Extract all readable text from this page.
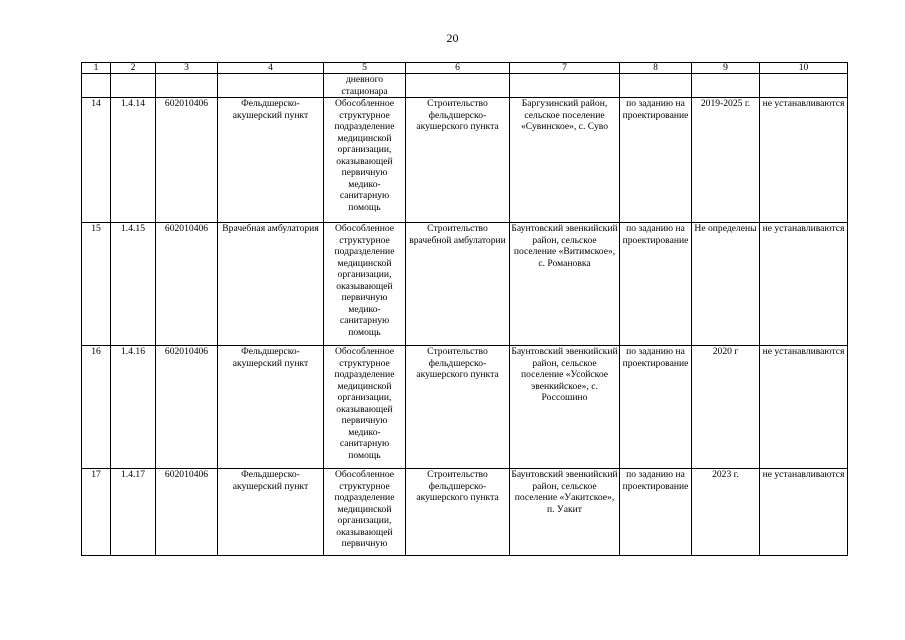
20
1	2	3	4	5	6	7	8	9	10
				дневного стационара					
14	1.4.14	602010406	Фельдшерско-акушерский пункт	Обособленное структурное подразделение медицинской организации, оказывающей первичную медико-санитарную помощь	Строительство фельдшерско-акушерского пункта	Баргузинский район, сельское поселение «Сувинское», с. Суво	по заданию на проектирование	2019-2025 г.	не устанавливаются
15	1.4.15	602010406	Врачебная амбулатория	Обособленное структурное подразделение медицинской организации, оказывающей первичную медико-санитарную помощь	Строительство врачебной амбулатории	Баунтовский эвенкийский район, сельское поселение «Витимское», с. Романовка	по заданию на проектирование	Не определены	не устанавливаются
16	1.4.16	602010406	Фельдшерско-акушерский пункт	Обособленное структурное подразделение медицинской организации, оказывающей первичную медико-санитарную помощь	Строительство фельдшерско-акушерского пункта	Баунтовский эвенкийский район, сельское поселение «Усойское эвенкийское», с. Россошино	по заданию на проектирование	2020 г	не устанавливаются
17	1.4.17	602010406	Фельдшерско-акушерский пункт	Обособленное структурное подразделение медицинской организации, оказывающей первичную	Строительство фельдшерско-акушерского пункта	Баунтовский эвенкийский район, сельское поселение «Уакитское», п. Уакит	по заданию на проектирование	2023 г.	не устанавливаются
